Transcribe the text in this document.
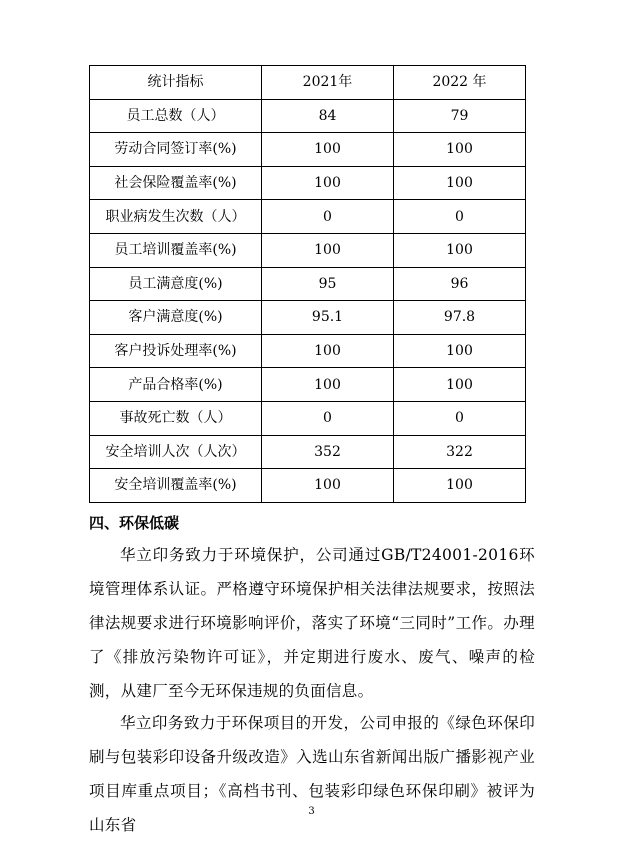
统计指标	2021年	2022 年
员工总数（人）	84	79
劳动合同签订率(%)	100	100
社会保险覆盖率(%)	100	100
职业病发生次数（人）	0	0
员工培训覆盖率(%)	100	100
员工满意度(%)	95	96
客户满意度(%)	95.1	97.8
客户投诉处理率(%)	100	100
产品合格率(%)	100	100
事故死亡数（人）	0	0
安全培训人次（人次）	352	322
安全培训覆盖率(%)	100	100
四、环保低碳

华立印务致力于环境保护，公司通过GB/T24001-2016环境管理体系认证。严格遵守环境保护相关法律法规要求，按照法律法规要求进行环境影响评价，落实了环境“三同时”工作。办理了《排放污染物许可证》，并定期进行废水、废气、噪声的检测，从建厂至今无环保违规的负面信息。

华立印务致力于环保项目的开发，公司申报的《绿色环保印刷与包装彩印设备升级改造》入选山东省新闻出版广播影视产业项目库重点项目；《高档书刊、包装彩印绿色环保印刷》被评为山东省

3
